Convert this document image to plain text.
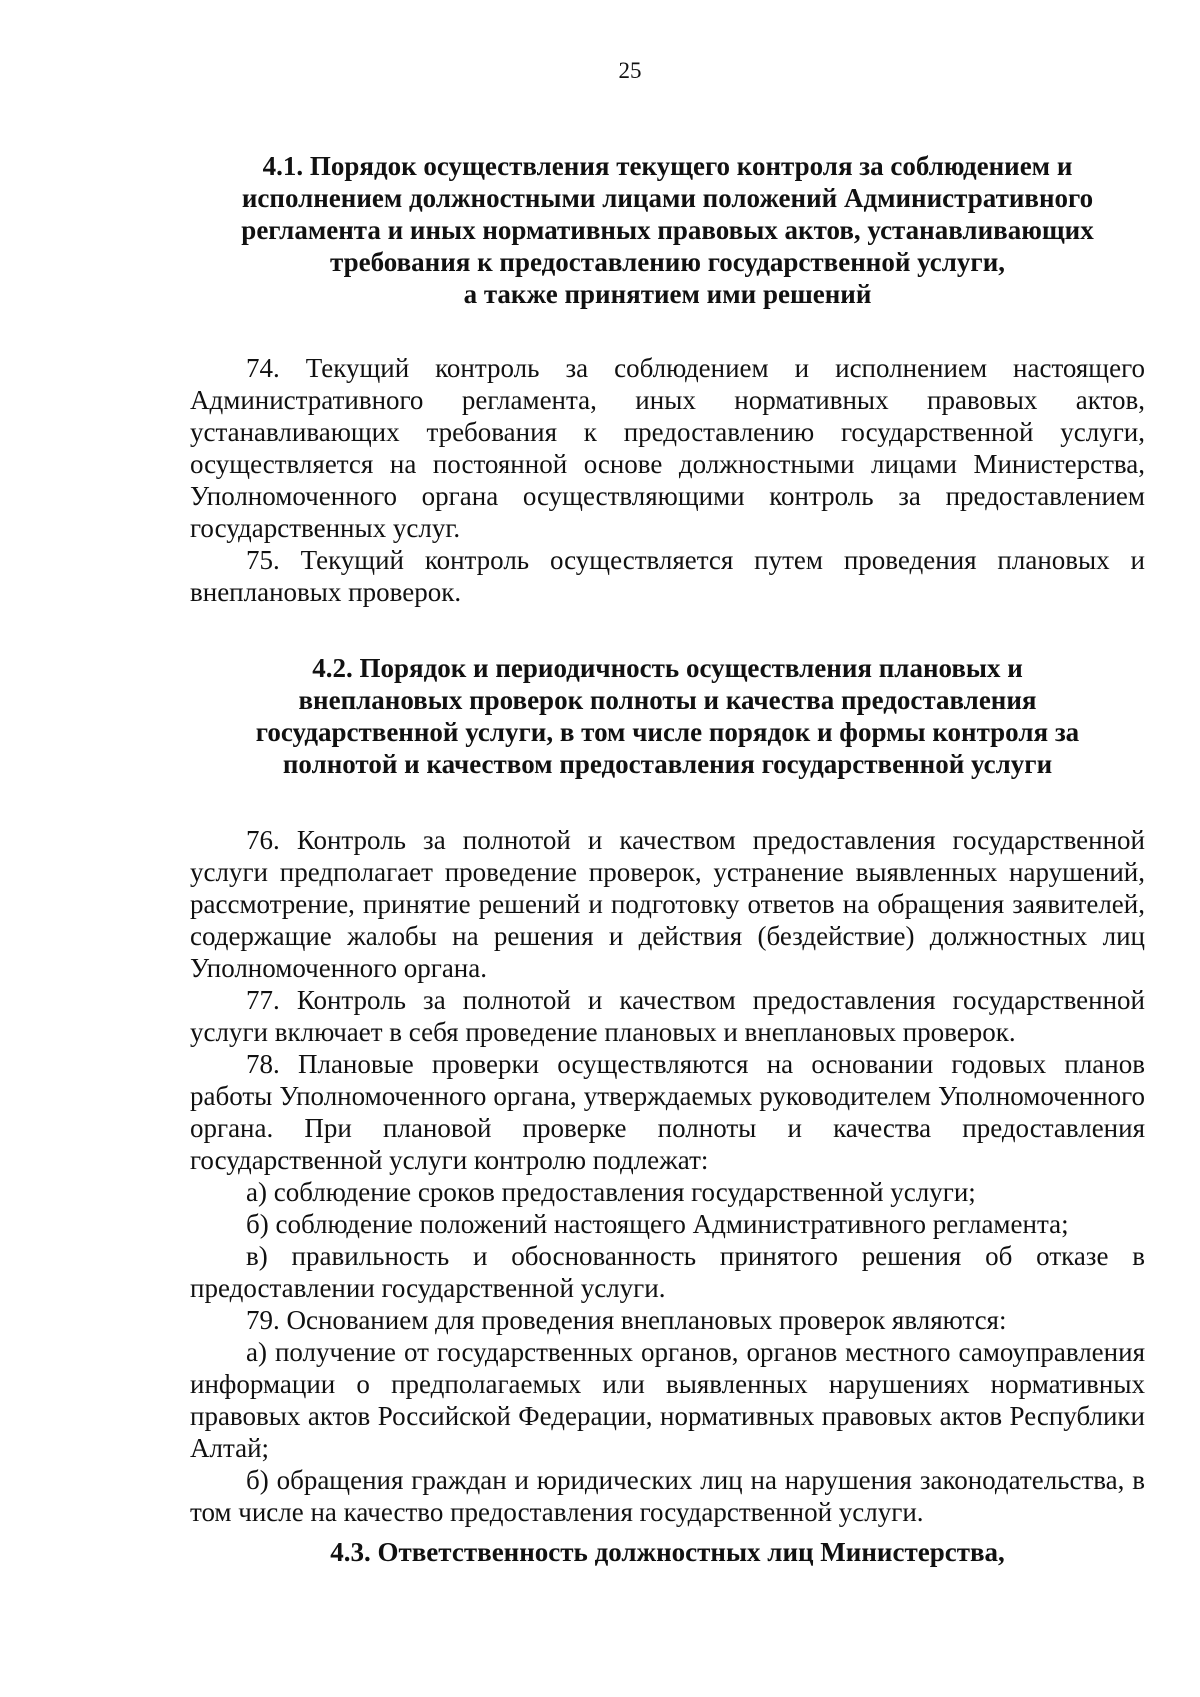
25
4.1. Порядок осуществления текущего контроля за соблюдением и
исполнением должностными лицами положений Административного
регламента и иных нормативных правовых актов, устанавливающих
требования к предоставлению государственной услуги,
а также принятием ими решений

74. Текущий контроль за соблюдением и исполнением настоящего Административного регламента, иных нормативных правовых актов, устанавливающих требования к предоставлению государственной услуги, осуществляется на постоянной основе должностными лицами Министерства, Уполномоченного органа осуществляющими контроль за предоставлением государственных услуг.

75. Текущий контроль осуществляется путем проведения плановых и внеплановых проверок.

4.2. Порядок и периодичность осуществления плановых и
внеплановых проверок полноты и качества предоставления
государственной услуги, в том числе порядок и формы контроля за
полнотой и качеством предоставления государственной услуги

76. Контроль за полнотой и качеством предоставления государственной услуги предполагает проведение проверок, устранение выявленных нарушений, рассмотрение, принятие решений и подготовку ответов на обращения заявителей, содержащие жалобы на решения и действия (бездействие) должностных лиц Уполномоченного органа.

77. Контроль за полнотой и качеством предоставления государственной услуги включает в себя проведение плановых и внеплановых проверок.

78. Плановые проверки осуществляются на основании годовых планов работы Уполномоченного органа, утверждаемых руководителем Уполномоченного органа. При плановой проверке полноты и качества предоставления государственной услуги контролю подлежат:

а) соблюдение сроков предоставления государственной услуги;

б) соблюдение положений настоящего Административного регламента;

в) правильность и обоснованность принятого решения об отказе в предоставлении государственной услуги.

79. Основанием для проведения внеплановых проверок являются:

а) получение от государственных органов, органов местного самоуправления информации о предполагаемых или выявленных нарушениях нормативных правовых актов Российской Федерации, нормативных правовых актов Республики Алтай;

б) обращения граждан и юридических лиц на нарушения законодательства, в том числе на качество предоставления государственной услуги.

4.3. Ответственность должностных лиц Министерства,
